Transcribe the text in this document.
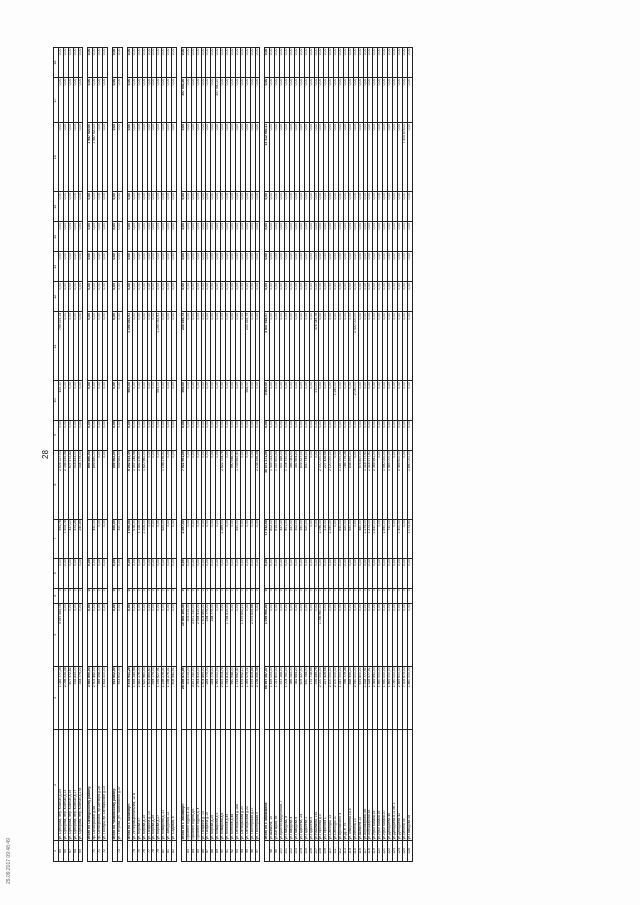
28
1	2	3	4	5	6	7	8	9	10	11	12	13	14	15	16	17	18
65	ул. Суворова, пер. Южный д.2/5	1 085 777,34	4 967 564,08	0	0,00	993,76	2 609 127,00	0,00	425,10	799 375,14	0,00	0,00	0,00	0,00	0,00	0,00	0,00
66	ул. Суворова, пер. Южный д.13	2 098 535,58	0,00	0	0,00	1 509,76	2 098 535,58	0,00	0,00	0,00	0,00	0,00	0,00	0,00	0,00	0,00	0,00
67	ул. Суворова, пер. Южный д.15	607 572,82	0,00	0	0,00	437,10	607 572,82	0,00	0,00	0,00	0,00	0,00	0,00	0,00	0,00	0,00	0,00
68	ул. Суворова, пер. Южный д.17	518 833,00	0,00	0	0,00	373,26	518 833,00	0,00	0,00	0,00	0,00	0,00	0,00	0,00	0,00	0,00	0,00
69	ул. Суворова, пер. Южный д.17а	334 779,00	0,00	0	0,00	240,85	334 779,00	0,00	0,00	0,00	0,00	0,00	0,00	0,00	0,00	0,00	0,00

	Итого по Октябрьскому району:	3 884 890,00	0,00	0	0,00		899 890,00	0,00	0,00	0,00	0,00	0,00	0,00	0,00	1 987 920,00	0,00	0,00
70	пр. Октябрьский д.38	2 903 492,00	0,00	0	0,00	430,00	899 890,00	0,00	0,00	0,00	0,00	0,00	0,00	0,00	1 987 920,00	0,00	0,00
71	пр. Октябрьский, пр.Октября д.28	989 398,00	0,00	0	0,00	0,00	0,00	0,00	0,00	0,00	0,00	0,00	0,00	0,00	0,00	0,00	0,00
72	ул. Победы, пр. Октябрьский д.13	1 432 000,00	0,00	0	0,00	0,00	0,00	0,00	0,00	0,00	0,00	0,00	0,00	0,00	0,00	0,00	0,00

	Итого по Чайковскому району:	553 602,00	0,00	0	0,00	350,00	559 662,00	0,00	0,00	0,00	0,00	0,00	0,00	0,00	0,00	0,00	0,00
73	ул. Петрова, ул. Чайковского д.37	553 602,00	0,00	0	0,00	350,00	559 662,00	0,00	0,00	0,00	0,00	0,00	0,00	0,00	0,00	0,00	0,00

	Итого по г. Кизилюрт:	9 878 941,26	0,00	0	0,00	1 096,00	6 262 913,49	0,00	665,00	1 195 052,91	0,00	0,00	0,00	0,00	0,00	0,00	0,00
74	ул. Интернациональная, 12 А	1 555 145,98	0,00	0	0,00	678,00	1 557 145,98	0,00	0,00	0,00	0,00	0,00	0,00	0,00	0,00	0,00	0,00
75	ул. Кирова 57	2 882 276,00	0,00	0	0,00	1 118,00	2 882 276,00	0,00	0,00	0,00	0,00	0,00	0,00	0,00	0,00	0,00	0,00
76	ул. Кирова д.15	1 620 960,00	0,00	0	0,00	1 006,00	1 620 960,00	0,00	0,00	0,00	0,00	0,00	0,00	0,00	0,00	0,00	0,00
77	ул. Гагарина д. 13	1 604 865,80	0,00	0	0,00	0,00	0,00	0,00	0,00	0,00	0,00	0,00	0,00	0,00	0,00	0,00	0,00
78	ул. Кирова д.25	594 775,00	0,00	0	0,00	0,00	0,00	0,00	0,00	0,00	0,00	0,00	0,00	0,00	0,00	0,00	0,00
79	ул. Кирова д.27	1 195 627,91	0,00	0	0,00	0,00	0,00	0,00	665,00	1 195 052,91	0,00	0,00	0,00	0,00	0,00	0,00	0,00
80	ул. Комарова д. 21	1 198 276,31	0,00	0	0,00	623,00	1 198 276,31	0,00	0,00	0,00	0,00	0,00	0,00	0,00	0,00	0,00	0,00
81	ул. Заводская, 12	1 198 276,31	0,00	0	0,00	0,00	0,00	0,00	0,00	0,00	0,00	0,00	0,00	0,00	0,00	0,00	0,00
82	ул. Садовая, 6	608 941,51	0,00	0	0,00	0,00	0,00	0,00	0,00	0,00	0,00	0,00	0,00	0,00	0,00	0,00	0,00

	Итого по г. Хасавюрт:	28 268 871,86	10 804 160,49	0	0,00	2 297,00	7 921 591,00	0,00	568,00	233 165,73	0,00	0,00	0,00	0,00	0,00	357 940,20	0,00
83	Проспект Бурла 4 16	303 013,00	303 013,00	0	0,00	0,00	0,00	0,00	0,00	0,00	0,00	0,00	0,00	0,00	0,00	0,00	0,00
84	Проспект Бурла д.6	3 871 730,00	3 871 730,00	0	0,00	0,00	0,00	0,00	0,00	0,00	0,00	0,00	0,00	0,00	0,00	0,00	0,00
85	Проспект Бурла д. 4	2 564 415,00	2 564 415,00	0	0,00	0,00	0,00	0,00	0,00	0,00	0,00	0,00	0,00	0,00	0,00	0,00	0,00
86	ул. Гагарина д. 13	1 604 865,00	1 604 865,00	0	0,00	0,00	0,00	0,00	0,00	0,00	0,00	0,00	0,00	0,00	0,00	0,00	0,00
87	ул. Гагарина д.15	284 775,00	284 775,00	0	0,00	0,00	0,00	0,00	0,00	0,00	0,00	0,00	0,00	0,00	0,00	0,00	0,00
88	ул. Кирова д.25	284 775,00	284 775,00	0	0,00	0,00	0,00	0,00	0,00	0,00	0,00	0,00	0,00	0,00	0,00	0,00	0,00
89	ул. Комарова д 5	1 965 000,00	0,00	0	0,00	0,00	0,00	0,00	0,00	0,00	0,00	0,00	0,00	0,00	0,00	357 940,20	0,00
90	ул. Комарова д.6	2 825 504,76	0,00	0	0,00	1 269,00	2 822 724,76	0,00	0,00	0,00	0,00	0,00	0,00	0,00	0,00	0,00	0,00
91	ул. Котиков д.45	1 784 815,00	1 784 815,00	0	0,00	0,00	0,00	0,00	0,00	0,00	0,00	0,00	0,00	0,00	0,00	0,00	0,00
92	ул. Котиков д.48	990 948,00	0,00	0	0,00	0,00	990 948,00	0,00	0,00	0,00	0,00	0,00	0,00	0,00	0,00	0,00	0,00
93	ул. Октябрьская д.18а	1 733 662,40	0,00	0	0,00	650,00	1 733 662,40	0,00	0,00	0,00	0,00	0,00	0,00	0,00	0,00	0,00	0,00
94	ул. Октябрьская д.20	1 475 652,10	1 475 652,10	0	0,00	0,00	0,00	0,00	0,00	0,00	0,00	0,00	0,00	0,00	0,00	0,00	0,00
95	ул. Октябрьская д.22	1 369 579,01	0,00	0	0,00	0,00	0,00	0,00	568,00	233 165,73	0,00	0,00	0,00	0,00	0,00	0,00	0,00
96	ул. Пионерская д.17	2 575 824,88	2 575 824,88	0	0,00	0,00	0,00	0,00	0,00	0,00	0,00	0,00	0,00	0,00	0,00	0,00	0,00
97	ул. Пионерская 5	2 138 356,34	0,00	0	0,00	0,00	2 138 356,34	0,00	0,00	0,00	0,00	0,00	0,00	0,00	0,00	0,00	0,00

	Итого по г. Махачкала:	68 697 487,57	1 066 960,00	0	0,00	17 932,00	30 071 471,00	0,00	3 609,00	3 847 918,57	0,00	0,00	0,00	0,00	13 312 562,31	0,00	0,00
98	ул.Шамиля, 15	1 439 023,00	0,00	0	0,00	802,00	1 439 023,00	0,00	0,00	0,00	0,00	0,00	0,00	0,00	0,00	0,00	0,00
99	ул.Батырая, 56	1 057 600,00	0,00	0	0,00	615,00	1 057 600,00	0,00	0,00	0,00	0,00	0,00	0,00	0,00	0,00	0,00	0,00
100	ул.Красногвардейская, 7	537 168,00	0,00	0	0,00	437,00	537 168,00	0,00	0,00	0,00	0,00	0,00	0,00	0,00	0,00	0,00	0,00
101	ул.Гамидова, 8	1 004 750,00	0,00	0	0,00	801,00	1 004 750,00	0,00	0,00	0,00	0,00	0,00	0,00	0,00	0,00	0,00	0,00
102	ул.Гамидова 4	386 083,00	0,00	0	0,00	337,00	386 083,00	0,00	0,00	0,00	0,00	0,00	0,00	0,00	0,00	0,00	0,00
103	ул.Гамидова 6	381 664,20	0,00	0	0,00	302,00	381 664,20	0,00	0,00	0,00	0,00	0,00	0,00	0,00	0,00	0,00	0,00
104	ул.Гаджиева, 24	609 327,00	0,00	0	0,00	390,00	609 327,00	0,00	0,00	0,00	0,00	0,00	0,00	0,00	0,00	0,00	0,00
105	ул.Гаджиева 1	630 744,00	0,00	0	0,00	520,00	630 744,00	0,00	0,00	0,00	0,00	0,00	0,00	0,00	0,00	0,00	0,00
106	ул.Гаджиева 5	172 718,64	0,00	0	0,00	0,00	0,00	0,00	0,00	0,00	0,00	0,00	0,00	0,00	0,00	0,00	0,00
107	ул.Нахимова, 161	376 349,78	0,00	0	0,00	0,00	0,00	0,00	270,00	376 349,78	0,00	0,00	0,00	0,00	0,00	0,00	0,00
108	ул.Пирогова д.3	2 000 000,00	1 066 960,00	0	0,00	1 096,00	2 000 000,00	0,00	0,00	0,00	0,00	0,00	0,00	0,00	0,00	0,00	0,00
109	ул.Пирогова 1	227 428,68	0,00	0	0,00	215,00	227 428,68	0,00	0,00	0,00	0,00	0,00	0,00	0,00	0,00	0,00	0,00
110	ул.Свободы, 13	2 100 000,00	0,00	0	0,00	1 290,00	2 100 000,00	0,00	0,00	0,00	0,00	0,00	0,00	0,00	0,00	0,00	0,00
111	ул.Свободы 11	2 100 000,00	0,00	0	0,00	0,00	0,00	0,00	1 290,00	0,00	0,00	0,00	0,00	0,00	0,00	0,00	0,00
112	ул.Буйнакского 4	1 187 000,00	0,00	0	0,00	830,00	1 187 000,00	0,00	0,00	0,00	0,00	0,00	0,00	0,00	0,00	0,00	0,00
113	ул.ДГ.Р, 75	786 779,36	0,00	0	0,00	220,00	786 779,36	0,00	0,00	0,00	0,00	0,00	0,00	0,00	0,00	0,00	0,00
114	ул.Тимирязева 18 а	838 955,00	0,00	0	0,00	650,00	838 955,00	0,00	0,00	0,00	0,00	0,00	0,00	0,00	0,00	0,00	0,00
115	ул.Ленина 13	2 530 000,00	0,00	0	0,00	0,00	0,00	0,00	2 050,00	2 530 000,00	0,00	0,00	0,00	0,00	0,00	0,00	0,00
116	ул.Шамиля 13	675 800,00	0,00	0	0,00	480,00	675 800,00	0,00	0,00	0,00	0,00	0,00	0,00	0,00	0,00	0,00	0,00
117	ул.Абубакарова, 85	1 318 777,91	0,00	0	0,00	1 273,00	1 318 777,91	0,00	0,00	0,00	0,00	0,00	0,00	0,00	0,00	0,00	0,00
118	ул.Абубакарова 83	1 318 577,91	0,00	0	0,00	1 273,00	1 318 577,91	0,00	0,00	0,00	0,00	0,00	0,00	0,00	0,00	0,00	0,00
119	ул.Ирчи Казака 18	2 369 991,00	0,00	0	0,00	1 830,00	2 369 991,00	0,00	0,00	0,00	0,00	0,00	0,00	0,00	0,00	0,00	0,00
120	ул.Ирчи Казака 16	1 560 000,00	0,00	0	0,00	0,00	0,00	0,00	0,00	0,00	0,00	0,00	0,00	0,00	0,00	0,00	0,00
121	ул.Ирчи Казака 20	1 590 000,00	0,00	0	0,00	1 590,00	1 590 000,00	0,00	0,00	0,00	0,00	0,00	0,00	0,00	0,00	0,00	0,00
122	ул.Дахадаева 48	1 465 000,00	0,00	0	0,00	730,00	1 465 000,00	0,00	0,00	0,00	0,00	0,00	0,00	0,00	0,00	0,00	0,00
123	ул.Дахадаева 8,11 кв. 1	1 090 000,00	0,00	0	0,00	0,00	0,00	0,00	0,00	0,00	0,00	0,00	0,00	0,00	0,00	0,00	0,00
124	ул.Дахадаева 42	2 469 600,00	0,00	0	0,00	1 400,00	2 469 600,00	0,00	0,00	0,00	0,00	0,00	0,00	0,00	0,00	0,00	0,00
125	ул.Ленина 55	7 305 673,00	0,00	0	0,00	0,00	0,00	0,00	0,00	0,00	0,00	0,00	0,00	0,00	7 305 673,00	0,00	0,00
126	ул.Гамидова 58	1 860 000,00	0,00	0	0,00	1 073,50	1 860 000,00	0,00	0,00	0,00	0,00	0,00	0,00	0,00	0,00	0,00	0,00
29.09.2017 09:48:49
